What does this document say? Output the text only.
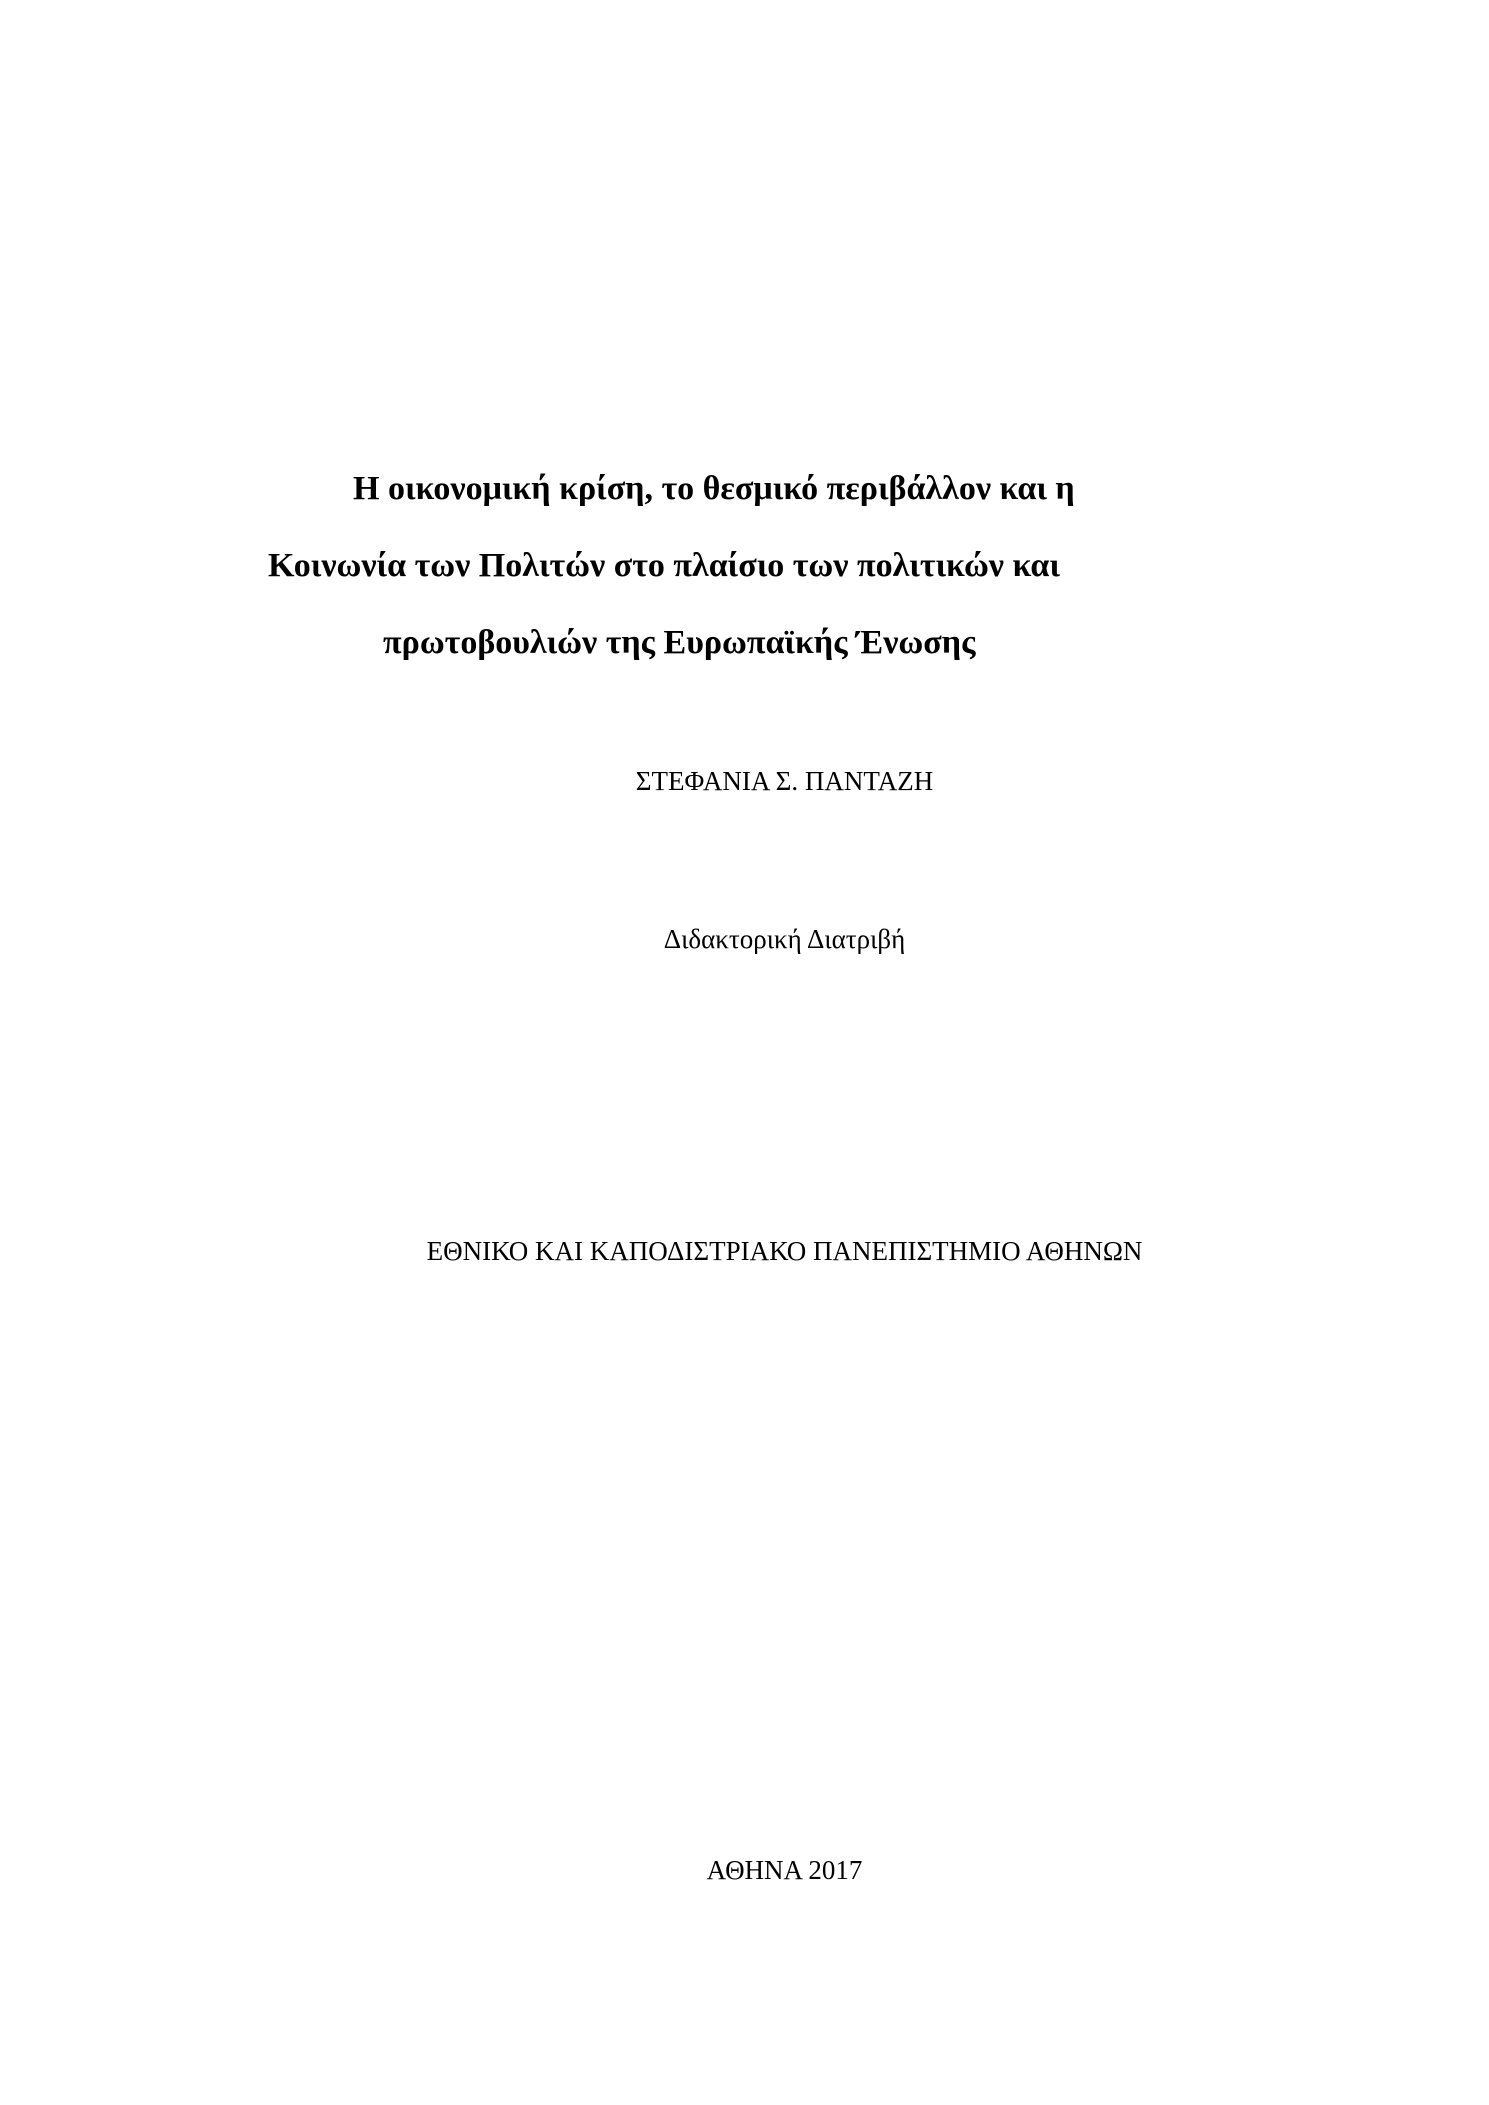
Η οικονομική κρίση, το θεσμικό περιβάλλον και η
Κοινωνία των Πολιτών στο πλαίσιο των πολιτικών και
πρωτοβουλιών της Ευρωπαϊκής Ένωσης
ΣΤΕΦΑΝΙΑ Σ. ΠΑΝΤΑΖΗ
Διδακτορική Διατριβή
ΕΘΝΙΚΟ ΚΑΙ ΚΑΠΟΔΙΣΤΡΙΑΚΟ ΠΑΝΕΠΙΣΤΗΜΙΟ ΑΘΗΝΩΝ
ΑΘΗΝΑ 2017
